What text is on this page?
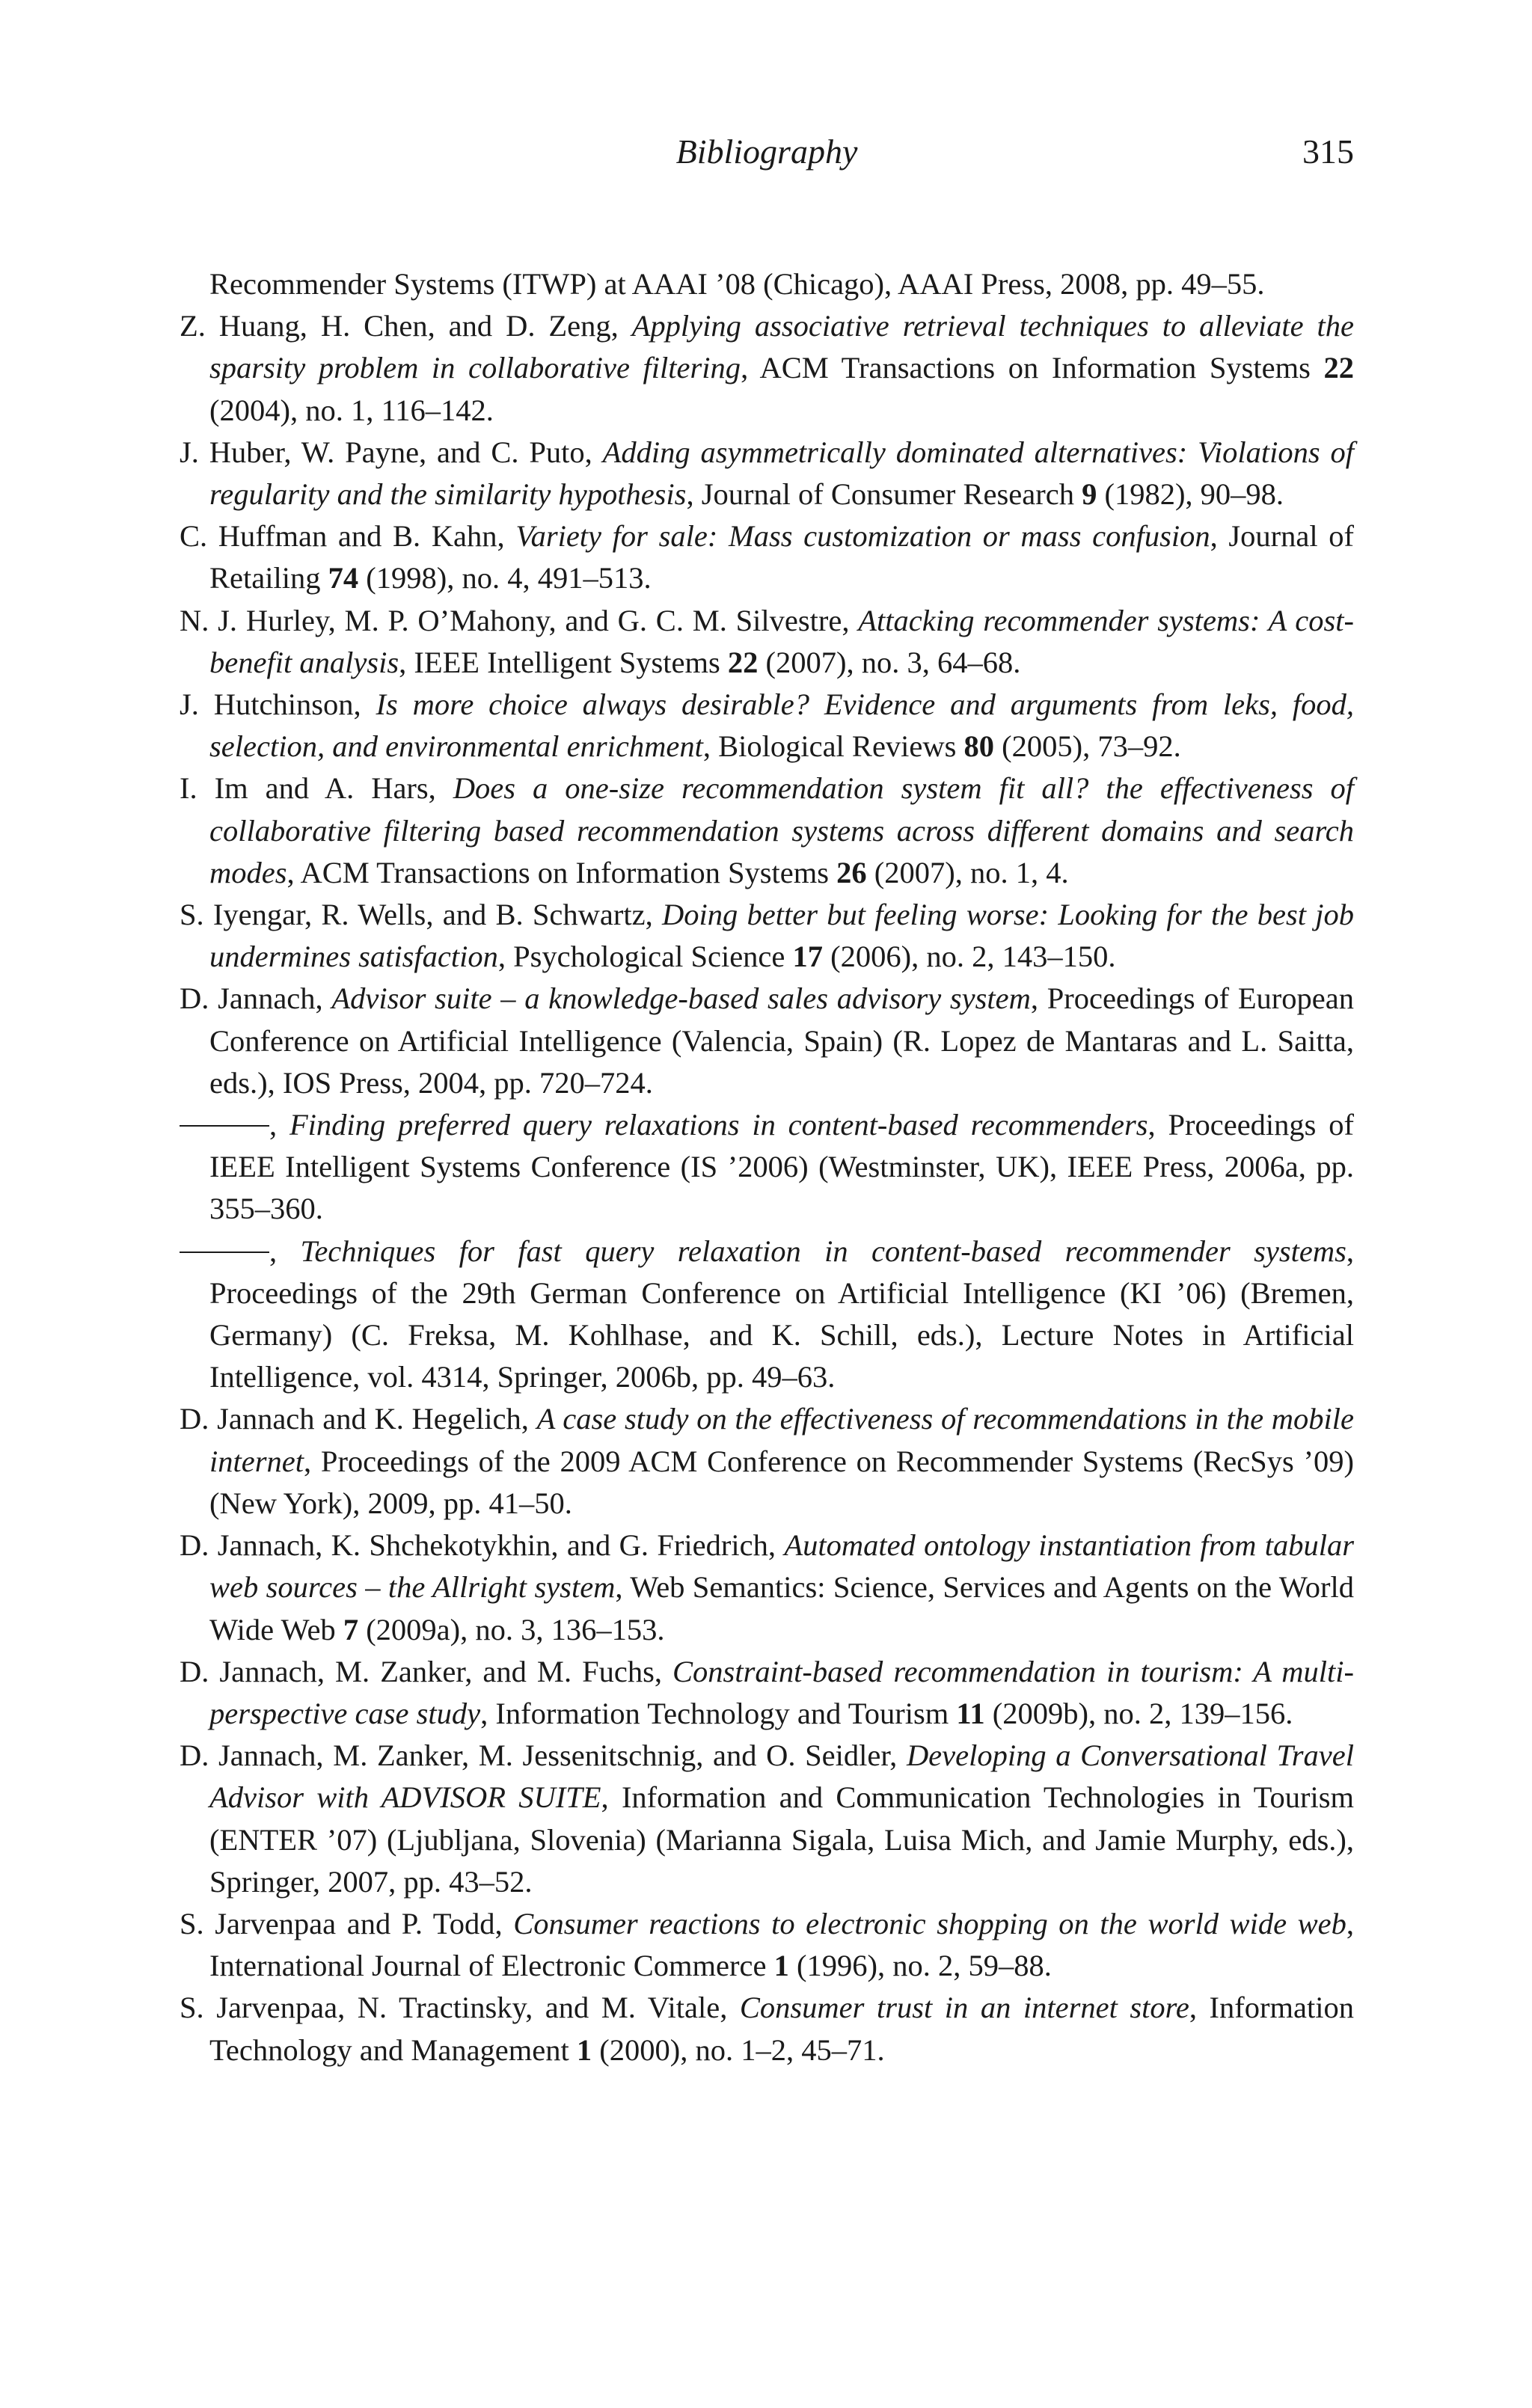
Bibliography	315

Recommender Systems (ITWP) at AAAI ’08 (Chicago), AAAI Press, 2008, pp. 49–55.

Z. Huang, H. Chen, and D. Zeng, Applying associative retrieval techniques to alleviate the sparsity problem in collaborative filtering, ACM Transactions on Information Systems 22 (2004), no. 1, 116–142.

J. Huber, W. Payne, and C. Puto, Adding asymmetrically dominated alternatives: Violations of regularity and the similarity hypothesis, Journal of Consumer Research 9 (1982), 90–98.

C. Huffman and B. Kahn, Variety for sale: Mass customization or mass confusion, Journal of Retailing 74 (1998), no. 4, 491–513.

N. J. Hurley, M. P. O’Mahony, and G. C. M. Silvestre, Attacking recommender systems: A cost-benefit analysis, IEEE Intelligent Systems 22 (2007), no. 3, 64–68.

J. Hutchinson, Is more choice always desirable? Evidence and arguments from leks, food, selection, and environmental enrichment, Biological Reviews 80 (2005), 73–92.

I. Im and A. Hars, Does a one-size recommendation system fit all? the effectiveness of collaborative filtering based recommendation systems across different domains and search modes, ACM Transactions on Information Systems 26 (2007), no. 1, 4.

S. Iyengar, R. Wells, and B. Schwartz, Doing better but feeling worse: Looking for the best job undermines satisfaction, Psychological Science 17 (2006), no. 2, 143–150.

D. Jannach, Advisor suite – a knowledge-based sales advisory system, Proceedings of European Conference on Artificial Intelligence (Valencia, Spain) (R. Lopez de Mantaras and L. Saitta, eds.), IOS Press, 2004, pp. 720–724.

, Finding preferred query relaxations in content-based recommenders, Proceedings of IEEE Intelligent Systems Conference (IS ’2006) (Westminster, UK), IEEE Press, 2006a, pp. 355–360.

, Techniques for fast query relaxation in content-based recommender systems, Proceedings of the 29th German Conference on Artificial Intelligence (KI ’06) (Bremen, Germany) (C. Freksa, M. Kohlhase, and K. Schill, eds.), Lecture Notes in Artificial Intelligence, vol. 4314, Springer, 2006b, pp. 49–63.

D. Jannach and K. Hegelich, A case study on the effectiveness of recommendations in the mobile internet, Proceedings of the 2009 ACM Conference on Recommender Systems (RecSys ’09) (New York), 2009, pp. 41–50.

D. Jannach, K. Shchekotykhin, and G. Friedrich, Automated ontology instantiation from tabular web sources – the Allright system, Web Semantics: Science, Services and Agents on the World Wide Web 7 (2009a), no. 3, 136–153.

D. Jannach, M. Zanker, and M. Fuchs, Constraint-based recommendation in tourism: A multi-perspective case study, Information Technology and Tourism 11 (2009b), no. 2, 139–156.

D. Jannach, M. Zanker, M. Jessenitschnig, and O. Seidler, Developing a Conversational Travel Advisor with ADVISOR SUITE, Information and Communication Technologies in Tourism (ENTER ’07) (Ljubljana, Slovenia) (Marianna Sigala, Luisa Mich, and Jamie Murphy, eds.), Springer, 2007, pp. 43–52.

S. Jarvenpaa and P. Todd, Consumer reactions to electronic shopping on the world wide web, International Journal of Electronic Commerce 1 (1996), no. 2, 59–88.

S. Jarvenpaa, N. Tractinsky, and M. Vitale, Consumer trust in an internet store, Information Technology and Management 1 (2000), no. 1–2, 45–71.
